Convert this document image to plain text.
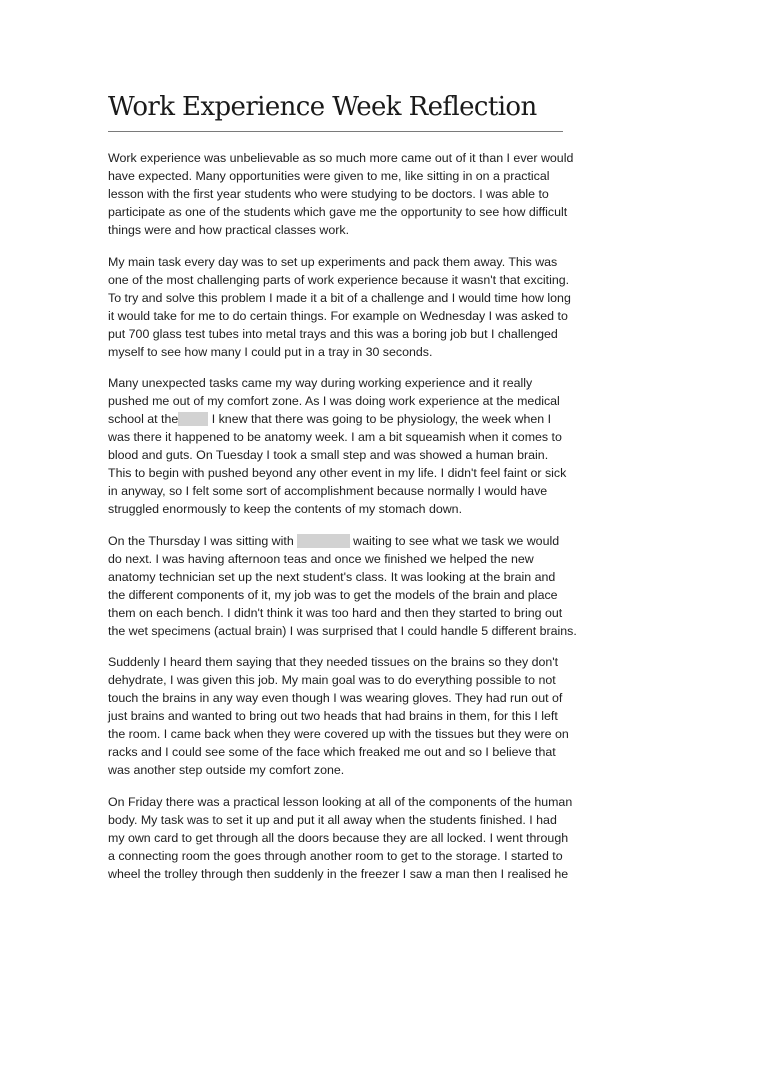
Work Experience Week Reflection

Work experience was unbelievable as so much more came out of it than I ever would
have expected. Many opportunities were given to me, like sitting in on a practical
lesson with the first year students who were studying to be doctors. I was able to
participate as one of the students which gave me the opportunity to see how difficult
things were and how practical classes work.

My main task every day was to set up experiments and pack them away. This was
one of the most challenging parts of work experience because it wasn't that exciting.
To try and solve this problem I made it a bit of a challenge and I would time how long
it would take for me to do certain things. For example on Wednesday I was asked to
put 700 glass test tubes into metal trays and this was a boring job but I challenged
myself to see how many I could put in a tray in 30 seconds.

Many unexpected tasks came my way during working experience and it really
pushed me out of my comfort zone. As I was doing work experience at the medical
school at the	I knew that there was going to be physiology, the week when I
was there it happened to be anatomy week. I am a bit squeamish when it comes to
blood and guts. On Tuesday I took a small step and was showed a human brain.
This to begin with pushed beyond any other event in my life. I didn't feel faint or sick
in anyway, so I felt some sort of accomplishment because normally I would have
struggled enormously to keep the contents of my stomach down.

On the Thursday I was sitting with	waiting to see what we task we would
do next. I was having afternoon teas and once we finished we helped the new
anatomy technician set up the next student's class. It was looking at the brain and
the different components of it, my job was to get the models of the brain and place
them on each bench. I didn't think it was too hard and then they started to bring out
the wet specimens (actual brain) I was surprised that I could handle 5 different brains.

Suddenly I heard them saying that they needed tissues on the brains so they don't
dehydrate, I was given this job. My main goal was to do everything possible to not
touch the brains in any way even though I was wearing gloves. They had run out of
just brains and wanted to bring out two heads that had brains in them, for this I left
the room. I came back when they were covered up with the tissues but they were on
racks and I could see some of the face which freaked me out and so I believe that
was another step outside my comfort zone.

On Friday there was a practical lesson looking at all of the components of the human
body. My task was to set it up and put it all away when the students finished. I had
my own card to get through all the doors because they are all locked. I went through
a connecting room the goes through another room to get to the storage. I started to
wheel the trolley through then suddenly in the freezer I saw a man then I realised he
